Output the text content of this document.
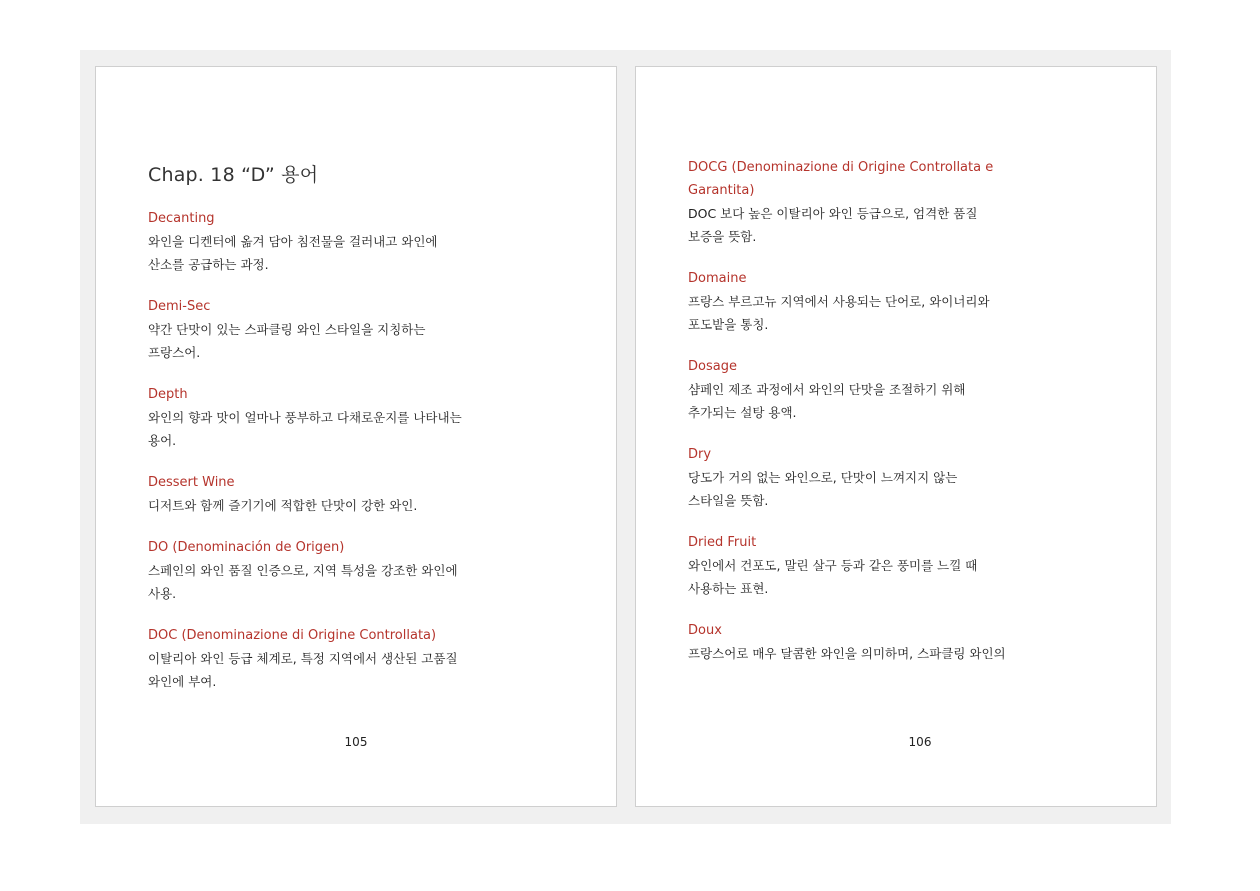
Chap. 18 “D” 용어
Decanting
와인을 디켄터에 옮겨 담아 침전물을 걸러내고 와인에
산소를 공급하는 과정.
Demi-Sec
약간 단맛이 있는 스파클링 와인 스타일을 지칭하는
프랑스어.
Depth
와인의 향과 맛이 얼마나 풍부하고 다채로운지를 나타내는
용어.
Dessert Wine
디저트와 함께 즐기기에 적합한 단맛이 강한 와인.
DO (Denominación de Origen)
스페인의 와인 품질 인증으로, 지역 특성을 강조한 와인에
사용.
DOC (Denominazione di Origine Controllata)
이탈리아 와인 등급 체계로, 특정 지역에서 생산된 고품질
와인에 부여.
105
DOCG (Denominazione di Origine Controllata e
Garantita)
DOC 보다 높은 이탈리아 와인 등급으로, 엄격한 품질
보증을 뜻함.
Domaine
프랑스 부르고뉴 지역에서 사용되는 단어로, 와이너리와
포도밭을 통칭.
Dosage
샴페인 제조 과정에서 와인의 단맛을 조절하기 위해
추가되는 설탕 용액.
Dry
당도가 거의 없는 와인으로, 단맛이 느껴지지 않는
스타일을 뜻함.
Dried Fruit
와인에서 건포도, 말린 살구 등과 같은 풍미를 느낄 때
사용하는 표현.
Doux
프랑스어로 매우 달콤한 와인을 의미하며, 스파클링 와인의
106
